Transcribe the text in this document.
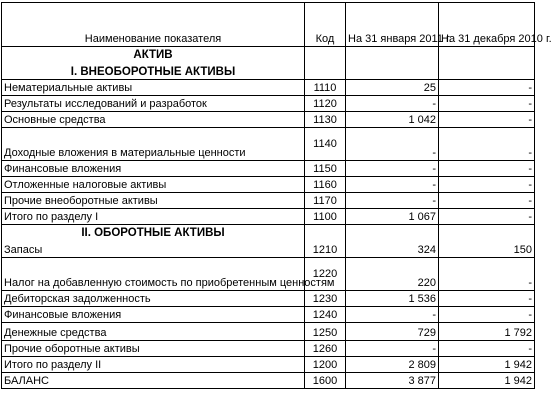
Наименование показателя	Код	На 31 января 2011 г.	На 31 декабря 2010 г.
АКТИВ			
I. ВНЕОБОРОТНЫЕ АКТИВЫ			
Нематериальные активы	1110	25	-
Результаты исследований и разработок	1120	-	-
Основные средства	1130	1 042	-
Доходные вложения в материальные ценности	1140	-	-
Финансовые вложения	1150	-	-
Отложенные налоговые активы	1160	-	-
Прочие внеоборотные активы	1170	-	-
Итого по разделу I	1100	1 067	-
II. ОБОРОТНЫЕ АКТИВЫ			
Запасы	1210	324	150
Налог на добавленную стоимость по приобретенным ценностям	1220	220	-
Дебиторская задолженность	1230	1 536	-
Финансовые вложения	1240	-	-
Денежные средства	1250	729	1 792
Прочие оборотные активы	1260	-	-
Итого по разделу II	1200	2 809	1 942
БАЛАНС	1600	3 877	1 942
